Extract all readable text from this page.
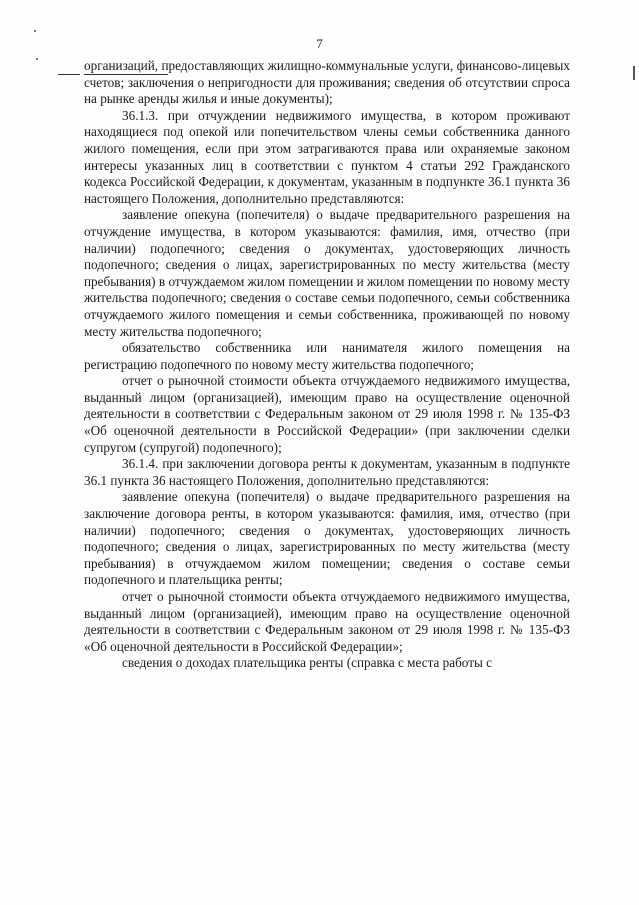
7

организаций, предоставляющих жилищно-коммунальные услуги, финансово-лицевых счетов; заключения о непригодности для проживания; сведения об отсутствии спроса на рынке аренды жилья и иные документы);

36.1.3. при отчуждении недвижимого имущества, в котором проживают находящиеся под опекой или попечительством члены семьи собственника данного жилого помещения, если при этом затрагиваются права или охраняемые законом интересы указанных лиц в соответствии с пунктом 4 статьи 292 Гражданского кодекса Российской Федерации, к документам, указанным в подпункте 36.1 пункта 36 настоящего Положения, дополнительно представляются:

заявление опекуна (попечителя) о выдаче предварительного разрешения на отчуждение имущества, в котором указываются: фамилия, имя, отчество (при наличии) подопечного; сведения о документах, удостоверяющих личность подопечного; сведения о лицах, зарегистрированных по месту жительства (месту пребывания) в отчуждаемом жилом помещении и жилом помещении по новому месту жительства подопечного; сведения о составе семьи подопечного, семьи собственника отчуждаемого жилого помещения и семьи собственника, проживающей по новому месту жительства подопечного;

обязательство собственника или нанимателя жилого помещения на регистрацию подопечного по новому месту жительства подопечного;

отчет о рыночной стоимости объекта отчуждаемого недвижимого имущества, выданный лицом (организацией), имеющим право на осуществление оценочной деятельности в соответствии с Федеральным законом от 29 июля 1998 г. № 135-ФЗ «Об оценочной деятельности в Российской Федерации» (при заключении сделки супругом (супругой) подопечного);

36.1.4. при заключении договора ренты к документам, указанным в подпункте 36.1 пункта 36 настоящего Положения, дополнительно представляются:

заявление опекуна (попечителя) о выдаче предварительного разрешения на заключение договора ренты, в котором указываются: фамилия, имя, отчество (при наличии) подопечного; сведения о документах, удостоверяющих личность подопечного; сведения о лицах, зарегистрированных по месту жительства (месту пребывания) в отчуждаемом жилом помещении; сведения о составе семьи подопечного и плательщика ренты;

отчет о рыночной стоимости объекта отчуждаемого недвижимого имущества, выданный лицом (организацией), имеющим право на осуществление оценочной деятельности в соответствии с Федеральным законом от 29 июля 1998 г. № 135-ФЗ «Об оценочной деятельности в Российской Федерации»;

сведения о доходах плательщика ренты (справка с места работы с
